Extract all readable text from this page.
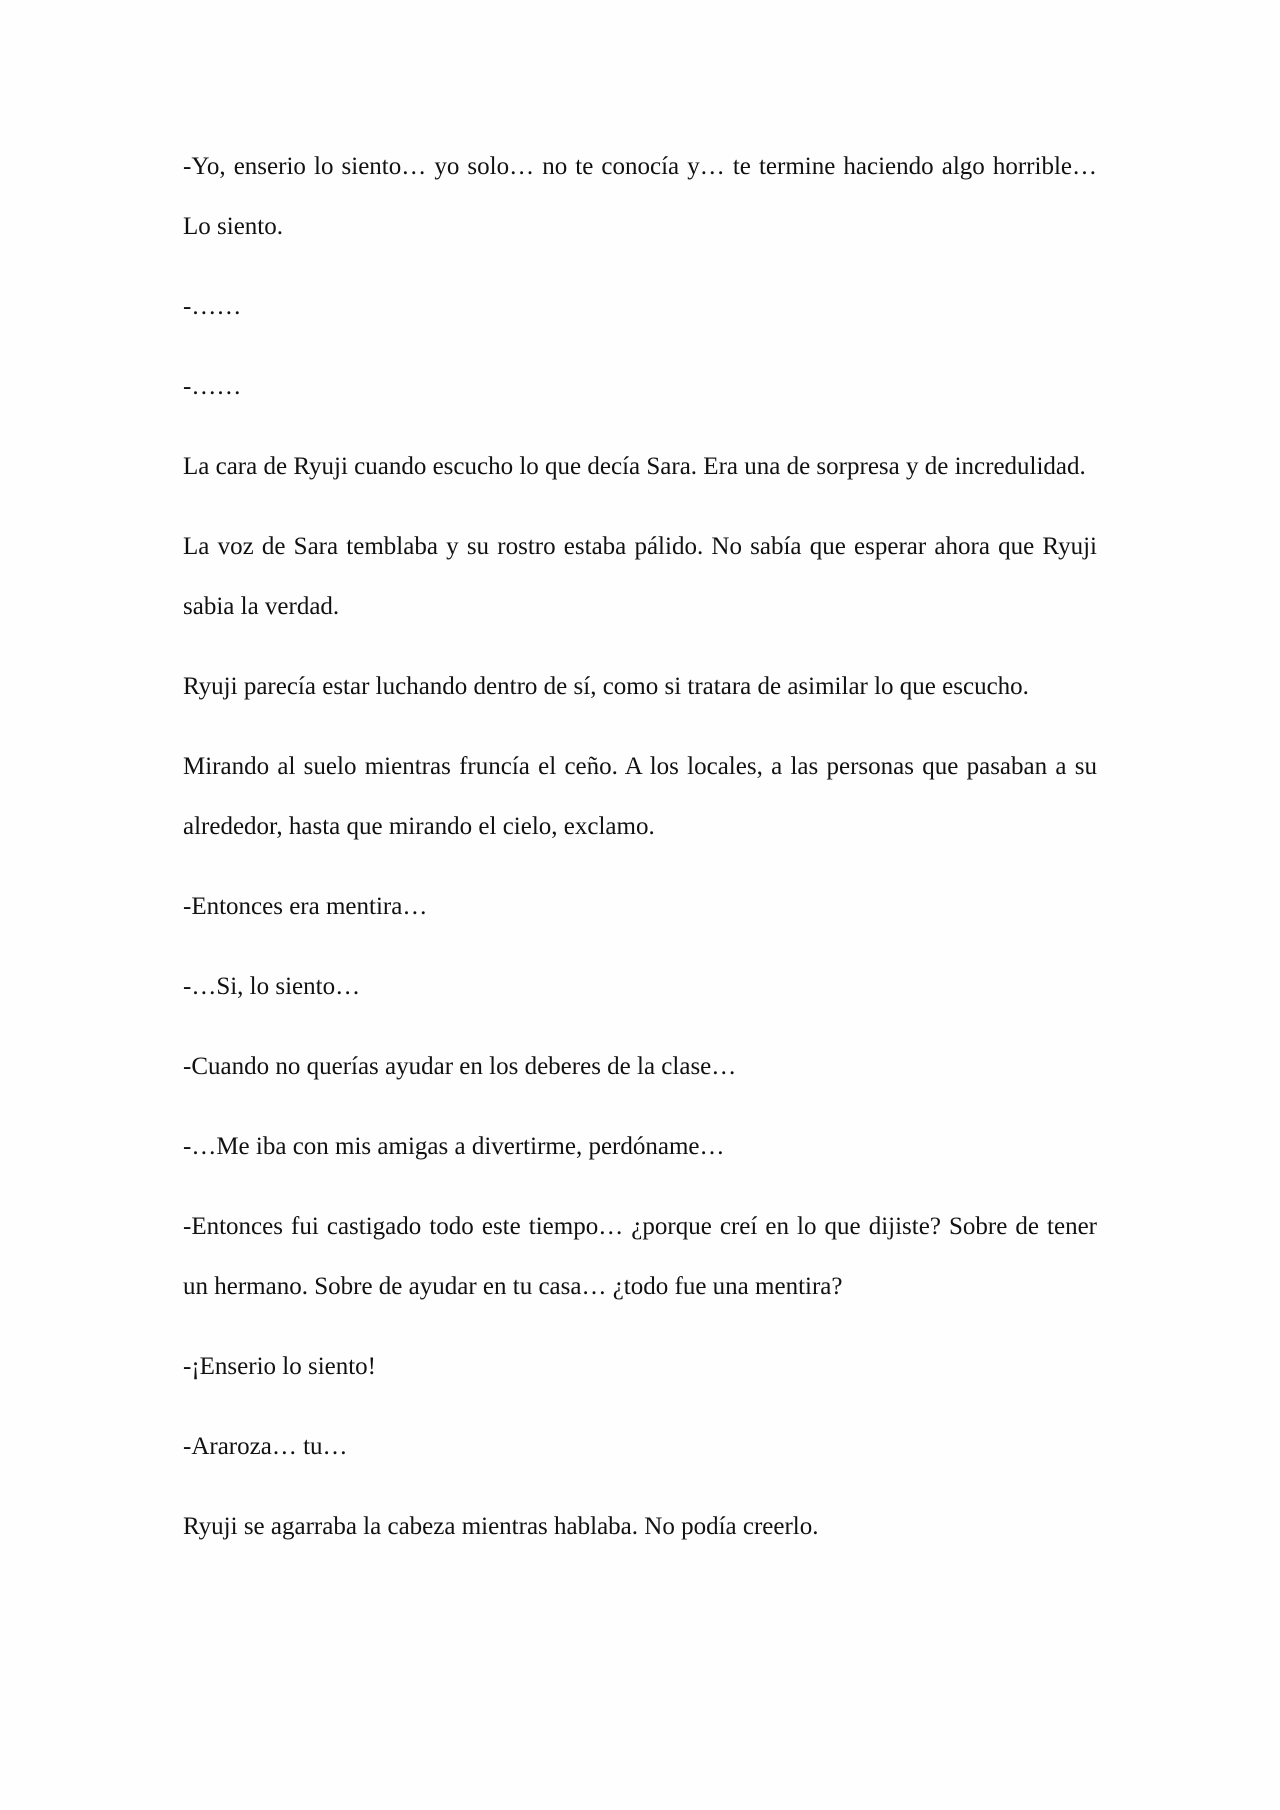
-Yo, enserio lo siento… yo solo… no te conocía y… te termine haciendo algo horrible… Lo siento.

-……

-……

La cara de Ryuji cuando escucho lo que decía Sara. Era una de sorpresa y de incredulidad.

La voz de Sara temblaba y su rostro estaba pálido. No sabía que esperar ahora que Ryuji sabia la verdad.

Ryuji parecía estar luchando dentro de sí, como si tratara de asimilar lo que escucho.

Mirando al suelo mientras fruncía el ceño. A los locales, a las personas que pasaban a su alrededor, hasta que mirando el cielo, exclamo.

-Entonces era mentira…

-…Si, lo siento…

-Cuando no querías ayudar en los deberes de la clase…

-…Me iba con mis amigas a divertirme, perdóname…

-Entonces fui castigado todo este tiempo… ¿porque creí en lo que dijiste? Sobre de tener un hermano. Sobre de ayudar en tu casa… ¿todo fue una mentira?

-¡Enserio lo siento!

-Araroza… tu…

Ryuji se agarraba la cabeza mientras hablaba. No podía creerlo.
